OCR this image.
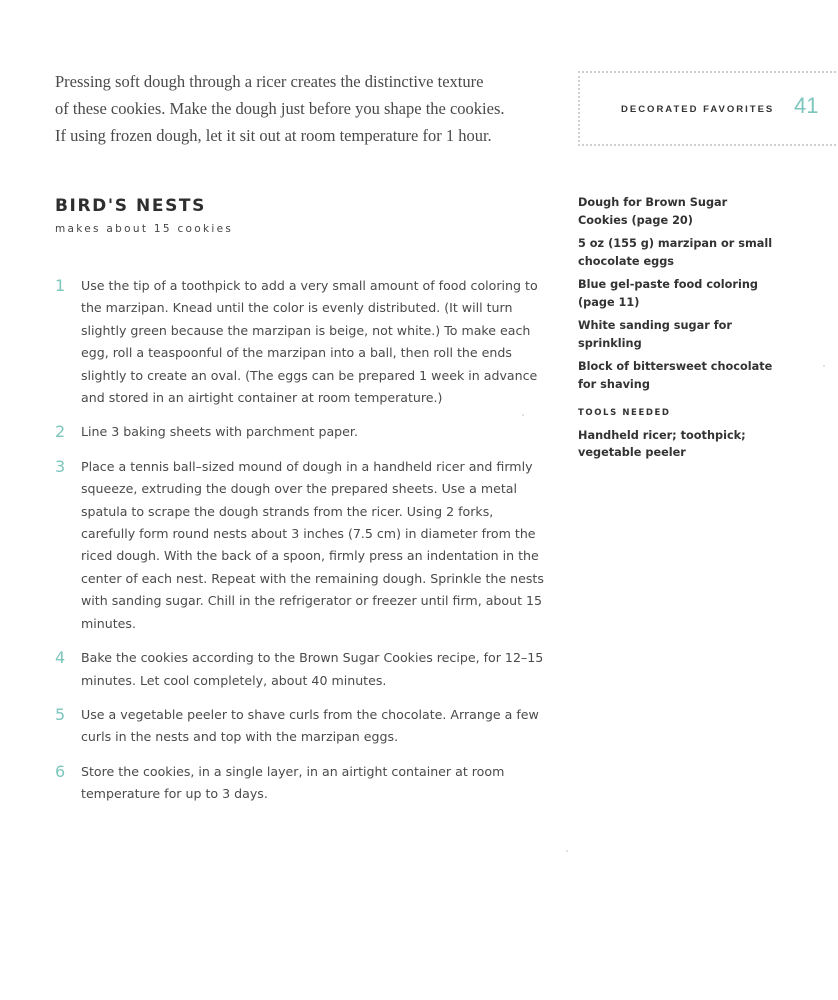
Pressing soft dough through a ricer creates the distinctive texture

of these cookies. Make the dough just before you shape the cookies.

If using frozen dough, let it sit out at room temperature for 1 hour.

DECORATED FAVORITES 41
BIRD'S NESTS
makes about 15 cookies
1 Use the tip of a toothpick to add a very small amount of food coloring to the marzipan. Knead until the color is evenly distributed. (It will turn slightly green because the marzipan is beige, not white.) To make each egg, roll a teaspoonful of the marzipan into a ball, then roll the ends slightly to create an oval. (The eggs can be prepared 1 week in advance and stored in an airtight container at room temperature.)
2 Line 3 baking sheets with parchment paper.
3 Place a tennis ball–sized mound of dough in a handheld ricer and firmly squeeze, extruding the dough over the prepared sheets. Use a metal spatula to scrape the dough strands from the ricer. Using 2 forks, carefully form round nests about 3 inches (7.5 cm) in diameter from the riced dough. With the back of a spoon, firmly press an indentation in the center of each nest. Repeat with the remaining dough. Sprinkle the nests with sanding sugar. Chill in the refrigerator or freezer until firm, about 15 minutes.
4 Bake the cookies according to the Brown Sugar Cookies recipe, for 12–15 minutes. Let cool completely, about 40 minutes.
5 Use a vegetable peeler to shave curls from the chocolate. Arrange a few curls in the nests and top with the marzipan eggs.
6 Store the cookies, in a single layer, in an airtight container at room temperature for up to 3 days.
Dough for Brown Sugar Cookies (page 20)
5 oz (155 g) marzipan or small chocolate eggs
Blue gel-paste food coloring (page 11)
White sanding sugar for sprinkling
Block of bittersweet chocolate for shaving
TOOLS NEEDED
Handheld ricer; toothpick; vegetable peeler
